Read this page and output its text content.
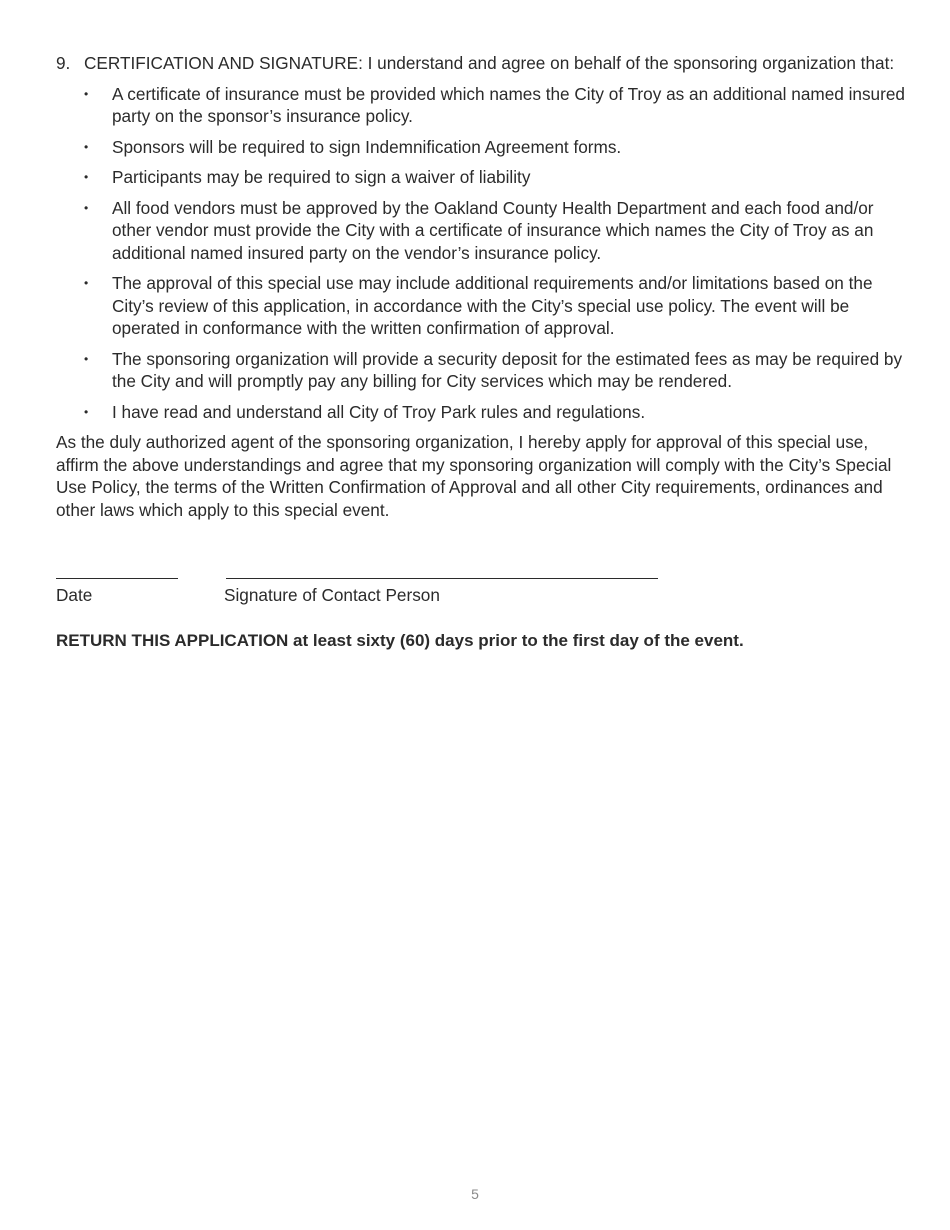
9. CERTIFICATION AND SIGNATURE: I understand and agree on behalf of the sponsoring organization that:
•	A certificate of insurance must be provided which names the City of Troy as an additional named insured party on the sponsor’s insurance policy.
•	Sponsors will be required to sign Indemnification Agreement forms.
•	Participants may be required to sign a waiver of liability
•	All food vendors must be approved by the Oakland County Health Department and each food and/or other vendor must provide the City with a certificate of insurance which names the City of Troy as an additional named insured party on the vendor’s insurance policy.
•	The approval of this special use may include additional requirements and/or limitations based on the City’s review of this application, in accordance with the City’s special use policy. The event will be operated in conformance with the written confirmation of approval.
•	The sponsoring organization will provide a security deposit for the estimated fees as may be required by the City and will promptly pay any billing for City services which may be rendered.
•	I have read and understand all City of Troy Park rules and regulations.

As the duly authorized agent of the sponsoring organization, I hereby apply for approval of this special use, affirm the above understandings and agree that my sponsoring organization will comply with the City’s Special Use Policy, the terms of the Written Confirmation of Approval and all other City requirements, ordinances and other laws which apply to this special event.

Date	Signature of Contact Person
RETURN THIS APPLICATION at least sixty (60) days prior to the first day of the event.
5
